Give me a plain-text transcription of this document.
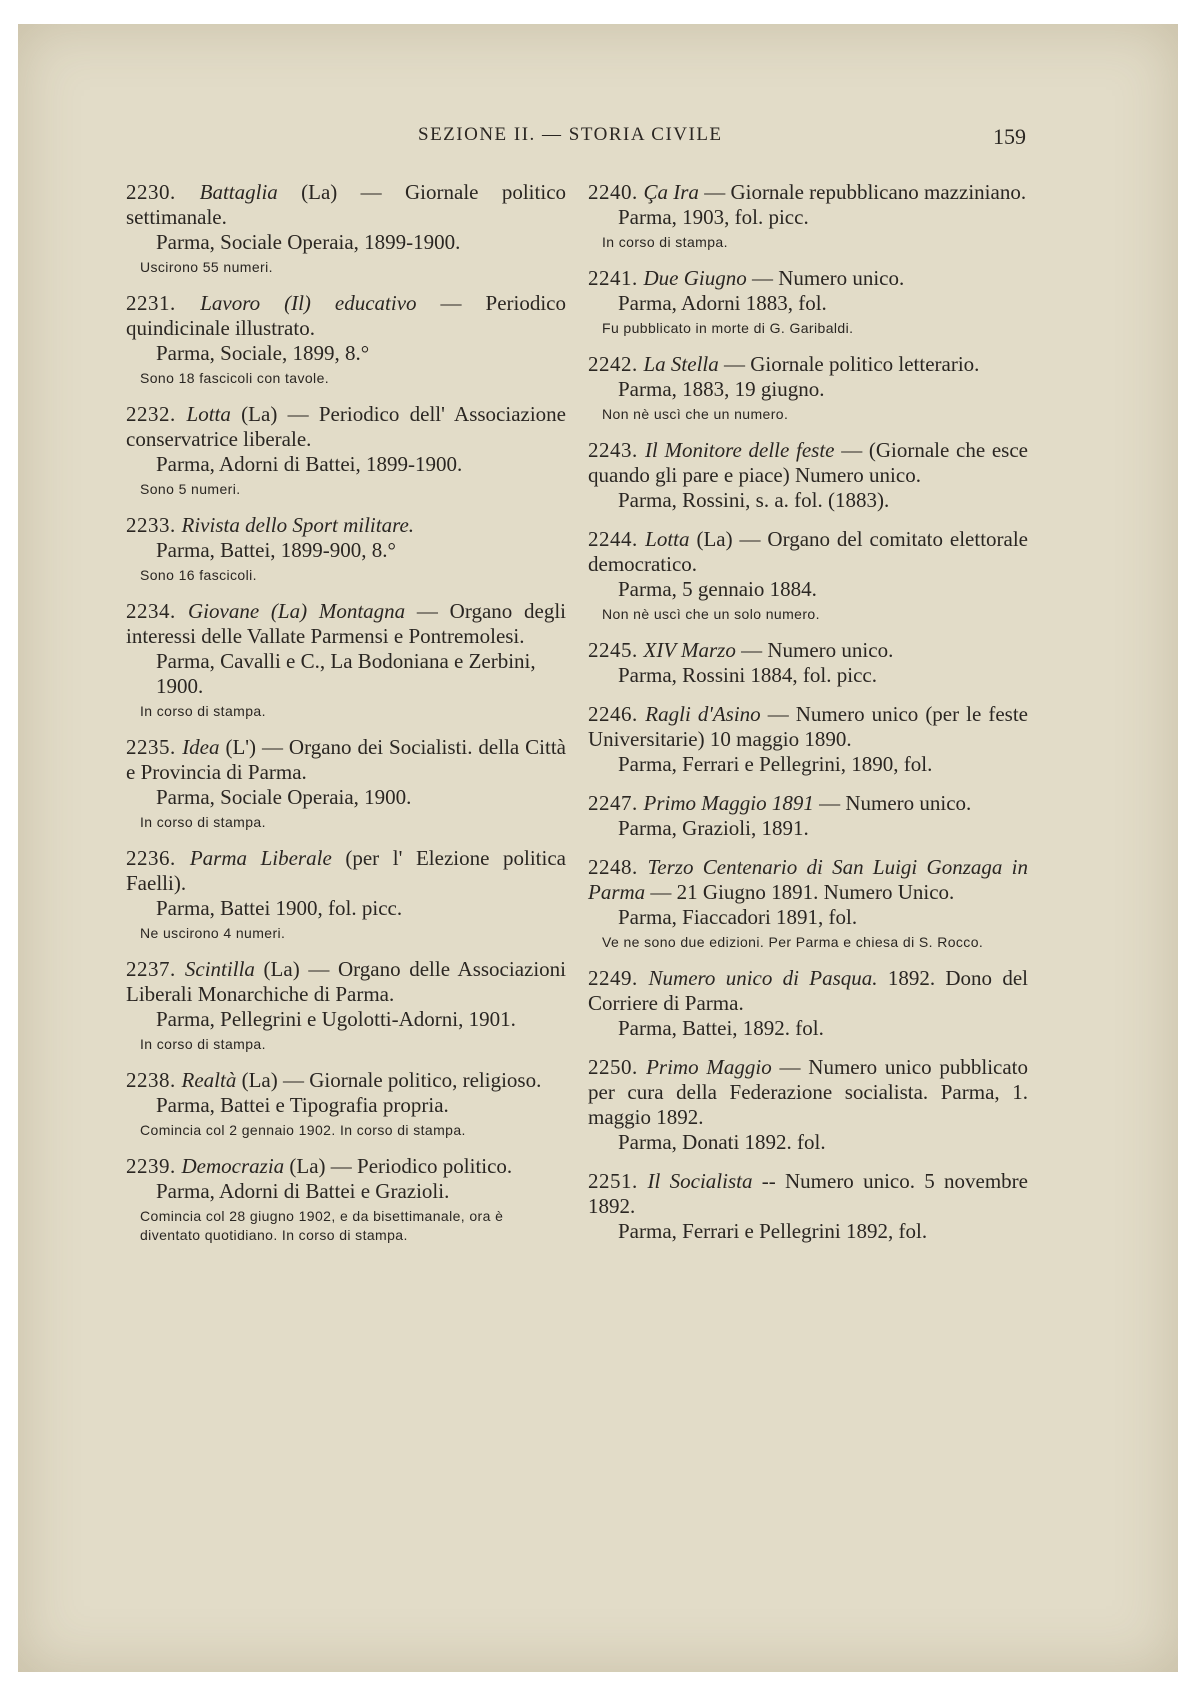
SEZIONE II. — STORIA CIVILE	159
2230. Battaglia (La) — Giornale politico settimanale.
Parma, Sociale Operaia, 1899-1900.
Uscirono 55 numeri.
2231. Lavoro (Il) educativo — Periodico quindicinale illustrato.
Parma, Sociale, 1899, 8.°
Sono 18 fascicoli con tavole.
2232. Lotta (La) — Periodico dell' Associazione conservatrice liberale.
Parma, Adorni di Battei, 1899-1900.
Sono 5 numeri.
2233. Rivista dello Sport militare.
Parma, Battei, 1899-900, 8.°
Sono 16 fascicoli.
2234. Giovane (La) Montagna — Organo degli interessi delle Vallate Parmensi e Pontremolesi.
Parma, Cavalli e C., La Bodoniana e Zerbini, 1900.
In corso di stampa.
2235. Idea (L') — Organo dei Socialisti. della Città e Provincia di Parma.
Parma, Sociale Operaia, 1900.
In corso di stampa.
2236. Parma Liberale (per l' Elezione politica Faelli).
Parma, Battei 1900, fol. picc.
Ne uscirono 4 numeri.
2237. Scintilla (La) — Organo delle Associazioni Liberali Monarchiche di Parma.
Parma, Pellegrini e Ugolotti-Adorni, 1901.
In corso di stampa.
2238. Realtà (La) — Giornale politico, religioso.
Parma, Battei e Tipografia propria.
Comincia col 2 gennaio 1902. In corso di stampa.
2239. Democrazia (La) — Periodico politico.
Parma, Adorni di Battei e Grazioli.
Comincia col 28 giugno 1902, e da bisettimanale, ora è diventato quotidiano. In corso di stampa.
2240. Ça Ira — Giornale repubblicano mazziniano.
Parma, 1903, fol. picc.
In corso di stampa.
2241. Due Giugno — Numero unico.
Parma, Adorni 1883, fol.
Fu pubblicato in morte di G. Garibaldi.
2242. La Stella — Giornale politico letterario.
Parma, 1883, 19 giugno.
Non nè uscì che un numero.
2243. Il Monitore delle feste — (Giornale che esce quando gli pare e piace) Numero unico.
Parma, Rossini, s. a. fol. (1883).
2244. Lotta (La) — Organo del comitato elettorale democratico.
Parma, 5 gennaio 1884.
Non nè uscì che un solo numero.
2245. XIV Marzo — Numero unico.
Parma, Rossini 1884, fol. picc.
2246. Ragli d'Asino — Numero unico (per le feste Universitarie) 10 maggio 1890.
Parma, Ferrari e Pellegrini, 1890, fol.
2247. Primo Maggio 1891 — Numero unico.
Parma, Grazioli, 1891.
2248. Terzo Centenario di San Luigi Gonzaga in Parma — 21 Giugno 1891. Numero Unico.
Parma, Fiaccadori 1891, fol.
Ve ne sono due edizioni. Per Parma e chiesa di S. Rocco.
2249. Numero unico di Pasqua. 1892. Dono del Corriere di Parma.
Parma, Battei, 1892. fol.
2250. Primo Maggio — Numero unico pubblicato per cura della Federazione socialista. Parma, 1. maggio 1892.
Parma, Donati 1892. fol.
2251. Il Socialista -- Numero unico. 5 novembre 1892.
Parma, Ferrari e Pellegrini 1892, fol.
